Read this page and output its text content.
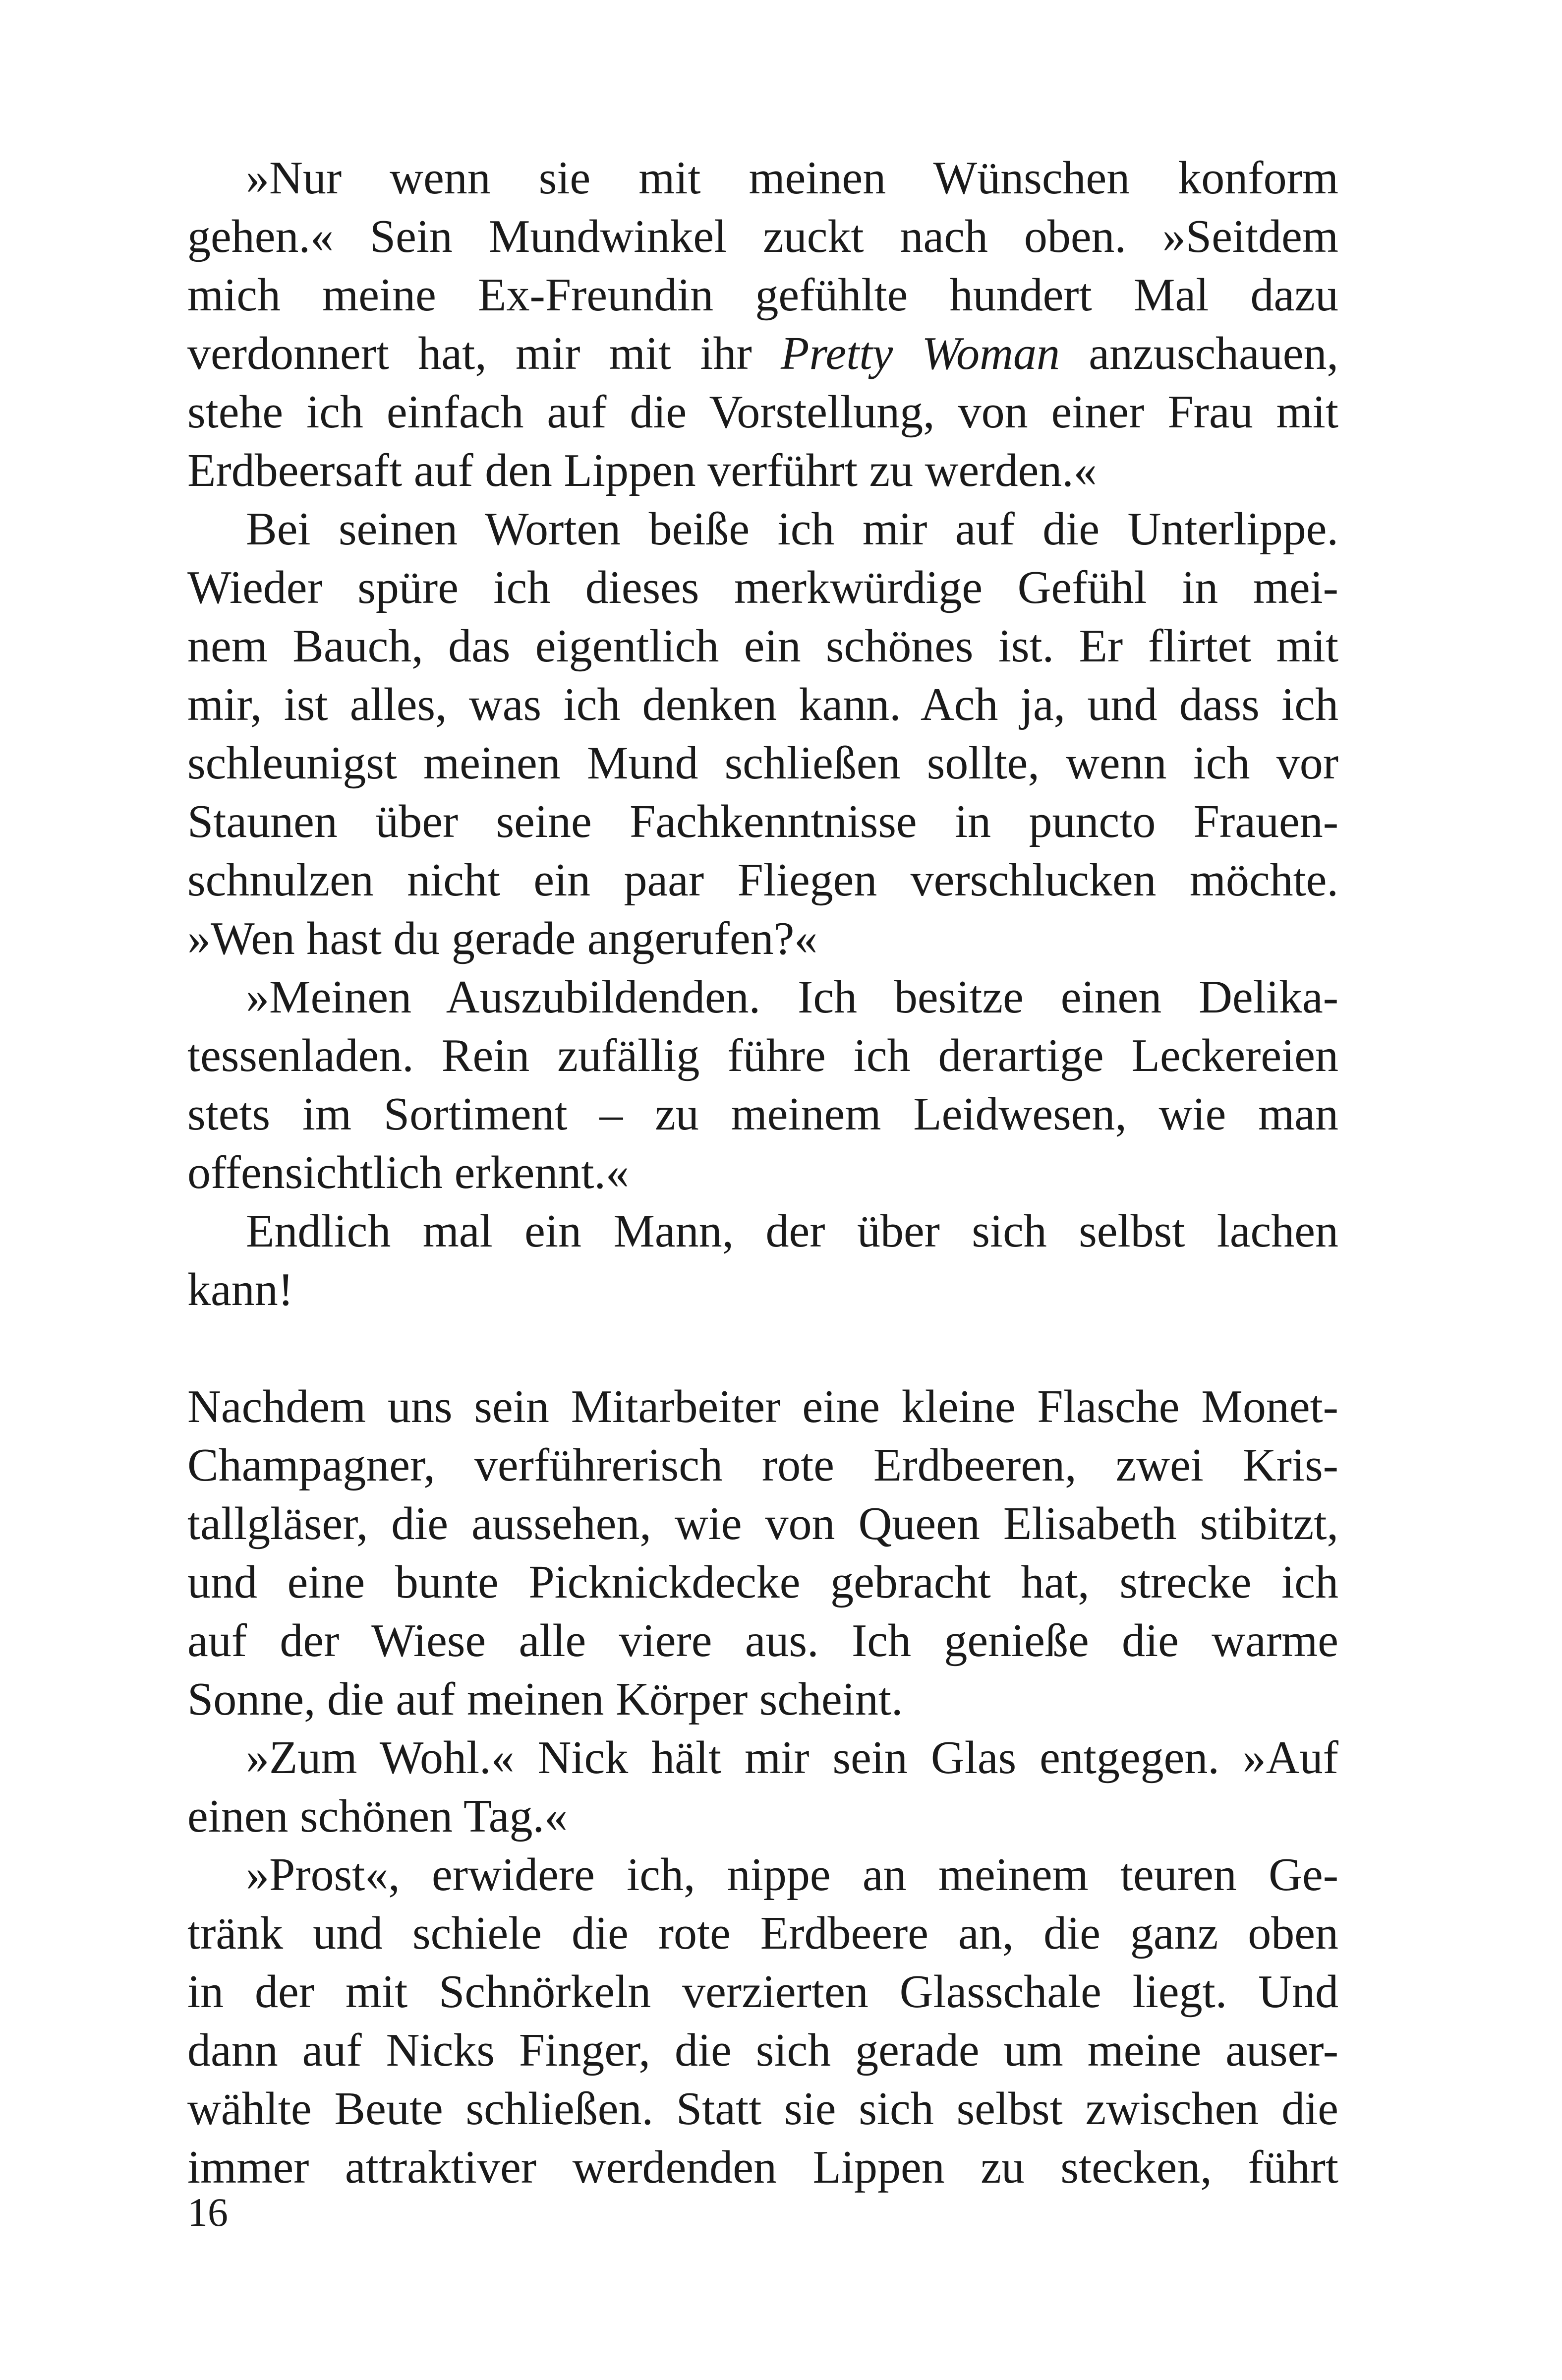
»Nur wenn sie mit meinen Wünschen konform
gehen.« Sein Mundwinkel zuckt nach oben. »Seitdem
mich meine Ex-Freundin gefühlte hundert Mal dazu
verdonnert hat, mir mit ihr Pretty Woman anzuschauen,
stehe ich einfach auf die Vorstellung, von einer Frau mit
Erdbeersaft auf den Lippen verführt zu werden.«
Bei seinen Worten beiße ich mir auf die Unterlippe.
Wieder spüre ich dieses merkwürdige Gefühl in mei-
nem Bauch, das eigentlich ein schönes ist. Er flirtet mit
mir, ist alles, was ich denken kann. Ach ja, und dass ich
schleunigst meinen Mund schließen sollte, wenn ich vor
Staunen über seine Fachkenntnisse in puncto Frauen-
schnulzen nicht ein paar Fliegen verschlucken möchte.
»Wen hast du gerade angerufen?«
»Meinen Auszubildenden. Ich besitze einen Delika-
tessenladen. Rein zufällig führe ich derartige Leckereien
stets im Sortiment – zu meinem Leidwesen, wie man
offensichtlich erkennt.«
Endlich mal ein Mann, der über sich selbst lachen
kann!
Nachdem uns sein Mitarbeiter eine kleine Flasche Monet-
Champagner, verführerisch rote Erdbeeren, zwei Kris-
tallgläser, die aussehen, wie von Queen Elisabeth stibitzt,
und eine bunte Picknickdecke gebracht hat, strecke ich
auf der Wiese alle viere aus. Ich genieße die warme
Sonne, die auf meinen Körper scheint.
»Zum Wohl.« Nick hält mir sein Glas entgegen. »Auf
einen schönen Tag.«
»Prost«, erwidere ich, nippe an meinem teuren Ge-
tränk und schiele die rote Erdbeere an, die ganz oben
in der mit Schnörkeln verzierten Glasschale liegt. Und
dann auf Nicks Finger, die sich gerade um meine auser-
wählte Beute schließen. Statt sie sich selbst zwischen die
immer attraktiver werdenden Lippen zu stecken, führt
16
